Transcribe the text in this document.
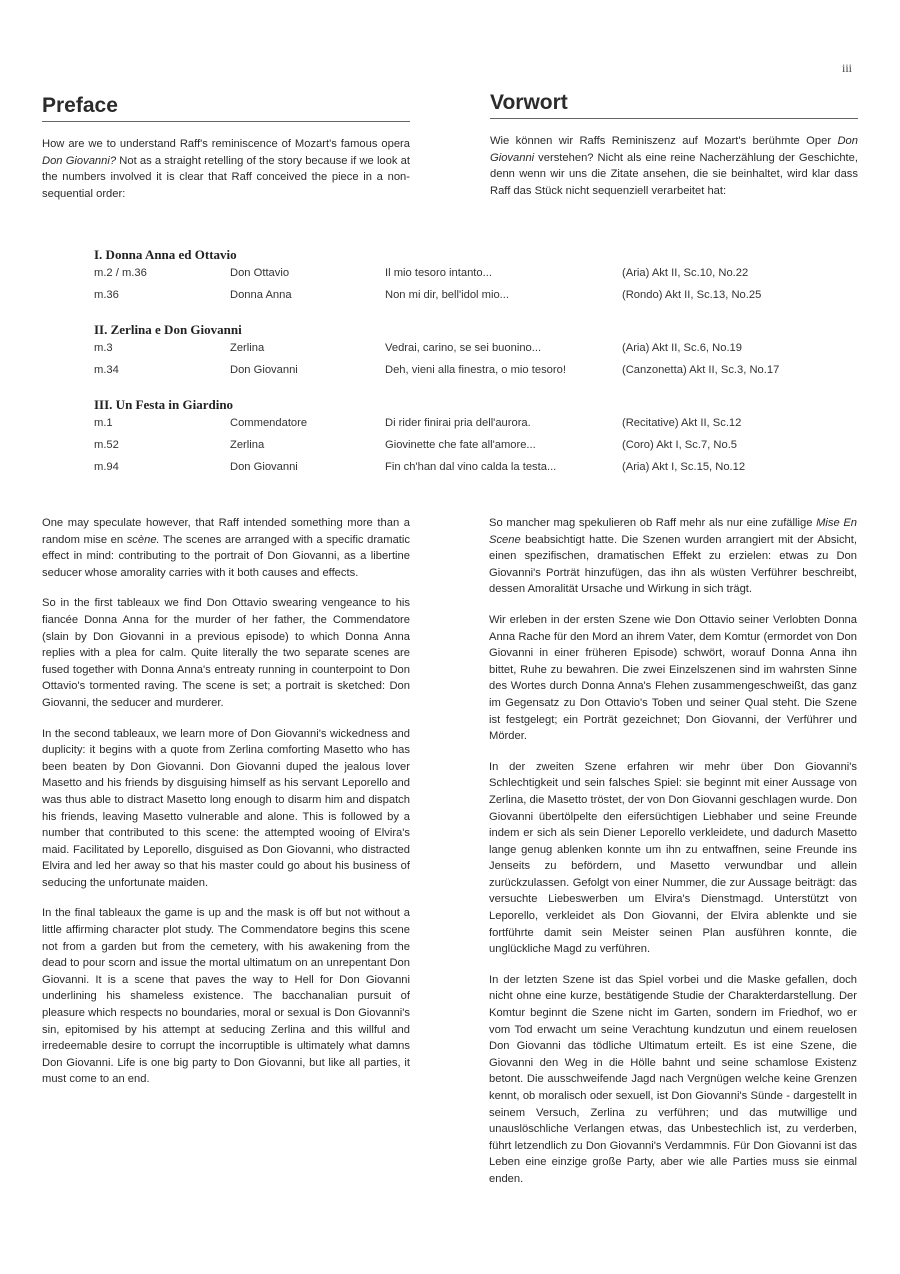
iii
Preface

How are we to understand Raff's reminiscence of Mozart's famous opera Don Giovanni? Not as a straight retelling of the story because if we look at the numbers involved it is clear that Raff conceived the piece in a non-sequential order:

Vorwort

Wie können wir Raffs Reminiszenz auf Mozart's berühmte Oper Don Giovanni verstehen? Nicht als eine reine Nacherzählung der Geschichte, denn wenn wir uns die Zitate ansehen, die sie beinhaltet, wird klar dass Raff das Stück nicht sequenziell verarbeitet hat:

I. Donna Anna ed Ottavio
m.2 / m.36	Don Ottavio	Il mio tesoro intanto...	(Aria) Akt II, Sc.10, No.22
m.36	Donna Anna	Non mi dir, bell'idol mio...	(Rondo) Akt II, Sc.13, No.25
II. Zerlina e Don Giovanni
m.3	Zerlina	Vedrai, carino, se sei buonino...	(Aria) Akt II, Sc.6, No.19
m.34	Don Giovanni	Deh, vieni alla finestra, o mio tesoro!	(Canzonetta) Akt II, Sc.3, No.17
III. Un Festa in Giardino
m.1	Commendatore	Di rider finirai pria dell'aurora.	(Recitative) Akt II, Sc.12
m.52	Zerlina	Giovinette che fate all'amore...	(Coro) Akt I, Sc.7, No.5
m.94	Don Giovanni	Fin ch'han dal vino calda la testa...	(Aria) Akt I, Sc.15, No.12

One may speculate however, that Raff intended something more than a random mise en scène. The scenes are arranged with a specific dramatic effect in mind: contributing to the portrait of Don Giovanni, as a libertine seducer whose amorality carries with it both causes and effects.

So in the first tableaux we find Don Ottavio swearing vengeance to his fiancée Donna Anna for the murder of her father, the Commendatore (slain by Don Giovanni in a previous episode) to which Donna Anna replies with a plea for calm. Quite literally the two separate scenes are fused together with Donna Anna's entreaty running in counterpoint to Don Ottavio's tormented raving. The scene is set; a portrait is sketched: Don Giovanni, the seducer and murderer.

In the second tableaux, we learn more of Don Giovanni's wickedness and duplicity: it begins with a quote from Zerlina comforting Masetto who has been beaten by Don Giovanni. Don Giovanni duped the jealous lover Masetto and his friends by disguising himself as his servant Leporello and was thus able to distract Masetto long enough to disarm him and dispatch his friends, leaving Masetto vulnerable and alone. This is followed by a number that contributed to this scene: the attempted wooing of Elvira's maid. Facilitated by Leporello, disguised as Don Giovanni, who distracted Elvira and led her away so that his master could go about his business of seducing the unfortunate maiden.

In the final tableaux the game is up and the mask is off but not without a little affirming character plot study. The Commendatore begins this scene not from a garden but from the cemetery, with his awakening from the dead to pour scorn and issue the mortal ultimatum on an unrepentant Don Giovanni. It is a scene that paves the way to Hell for Don Giovanni underlining his shameless existence. The bacchanalian pursuit of pleasure which respects no boundaries, moral or sexual is Don Giovanni's sin, epitomised by his attempt at seducing Zerlina and this willful and irredeemable desire to corrupt the incorruptible is ultimately what damns Don Giovanni. Life is one big party to Don Giovanni, but like all parties, it must come to an end.

So mancher mag spekulieren ob Raff mehr als nur eine zufällige Mise En Scene beabsichtigt hatte. Die Szenen wurden arrangiert mit der Absicht, einen spezifischen, dramatischen Effekt zu erzielen: etwas zu Don Giovanni's Porträt hinzufügen, das ihn als wüsten Verführer beschreibt, dessen Amoralität Ursache und Wirkung in sich trägt.

Wir erleben in der ersten Szene wie Don Ottavio seiner Verlobten Donna Anna Rache für den Mord an ihrem Vater, dem Komtur (ermordet von Don Giovanni in einer früheren Episode) schwört, worauf Donna Anna ihn bittet, Ruhe zu bewahren. Die zwei Einzelszenen sind im wahrsten Sinne des Wortes durch Donna Anna's Flehen zusammengeschweißt, das ganz im Gegensatz zu Don Ottavio's Toben und seiner Qual steht. Die Szene ist festgelegt; ein Porträt gezeichnet; Don Giovanni, der Verführer und Mörder.

In der zweiten Szene erfahren wir mehr über Don Giovanni's Schlechtigkeit und sein falsches Spiel: sie beginnt mit einer Aussage von Zerlina, die Masetto tröstet, der von Don Giovanni geschlagen wurde. Don Giovanni übertölpelte den eifersüchtigen Liebhaber und seine Freunde indem er sich als sein Diener Leporello verkleidete, und dadurch Masetto lange genug ablenken konnte um ihn zu entwaffnen, seine Freunde ins Jenseits zu befördern, und Masetto verwundbar und allein zurückzulassen. Gefolgt von einer Nummer, die zur Aussage beiträgt: das versuchte Liebeswerben um Elvira's Dienstmagd. Unterstützt von Leporello, verkleidet als Don Giovanni, der Elvira ablenkte und sie fortführte damit sein Meister seinen Plan ausführen konnte, die unglückliche Magd zu verführen.

In der letzten Szene ist das Spiel vorbei und die Maske gefallen, doch nicht ohne eine kurze, bestätigende Studie der Charakterdarstellung. Der Komtur beginnt die Szene nicht im Garten, sondern im Friedhof, wo er vom Tod erwacht um seine Verachtung kundzutun und einem reuelosen Don Giovanni das tödliche Ultimatum erteilt. Es ist eine Szene, die Giovanni den Weg in die Hölle bahnt und seine schamlose Existenz betont. Die ausschweifende Jagd nach Vergnügen welche keine Grenzen kennt, ob moralisch oder sexuell, ist Don Giovanni's Sünde - dargestellt in seinem Versuch, Zerlina zu verführen; und das mutwillige und unauslöschliche Verlangen etwas, das Unbestechlich ist, zu verderben, führt letzendlich zu Don Giovanni's Verdammnis. Für Don Giovanni ist das Leben eine einzige große Party, aber wie alle Parties muss sie einmal enden.
